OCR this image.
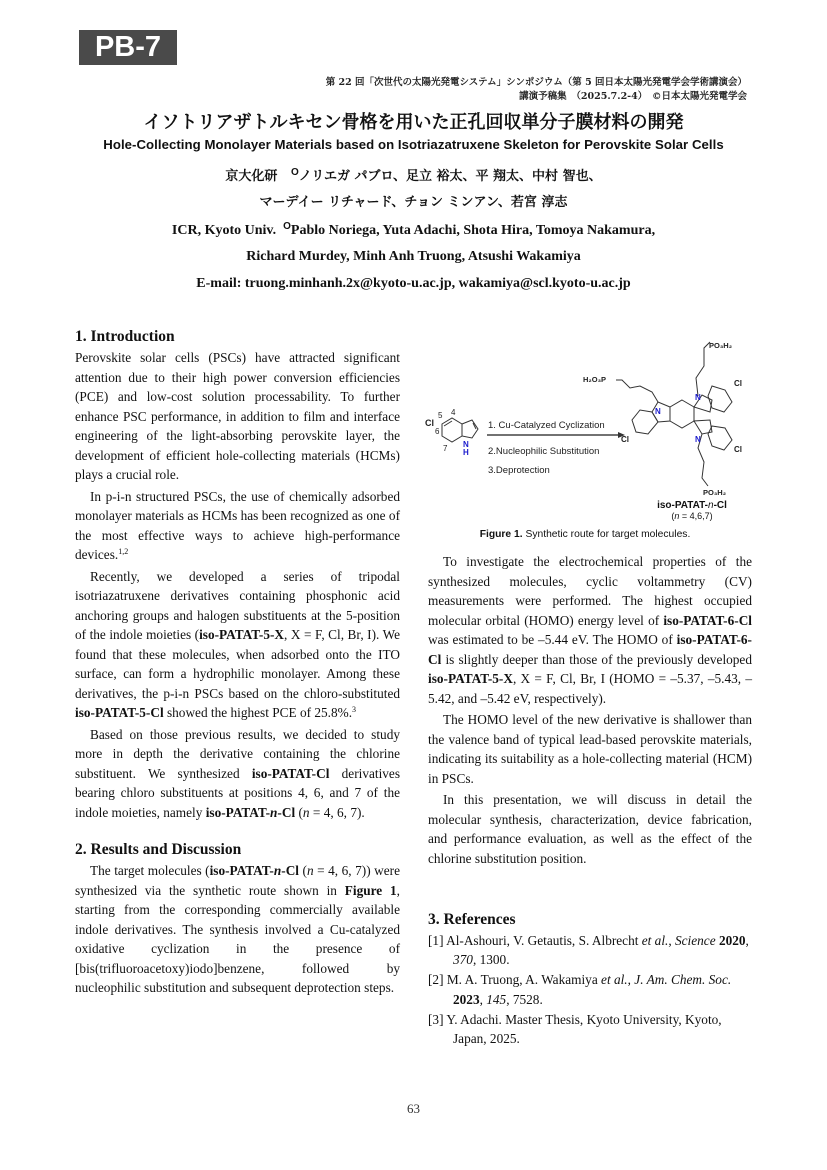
PB-7
第 22 回「次世代の太陽光発電システム」シンポジウム（第 5 回日本太陽光発電学会学術講演会）
講演予稿集　（2025.7.2-4）　©日本太陽光発電学会
イソトリアザトルキセン骨格を用いた正孔回収単分子膜材料の開発
Hole-Collecting Monolayer Materials based on Isotriazatruxene Skeleton for Perovskite Solar Cells
京大化研 $^O$ノリエガ パブロ、足立 裕太、平 翔太、中村 智也、
マーデイー リチャード、チョン ミンアン、若宮 淳志
ICR, Kyoto Univ. $^O$Pablo Noriega, Yuta Adachi, Shota Hira, Tomoya Nakamura,
Richard Murdey, Minh Anh Truong, Atsushi Wakamiya
E-mail: truong.minhanh.2x@kyoto-u.ac.jp, wakamiya@scl.kyoto-u.ac.jp
1. Introduction

Perovskite solar cells (PSCs) have attracted significant attention due to their high power conversion efficiencies (PCE) and low-cost solution processability. To further enhance PSC performance, in addition to film and interface engineering of the light-absorbing perovskite layer, the development of efficient hole-collecting materials (HCMs) plays a crucial role.

In p-i-n structured PSCs, the use of chemically adsorbed monolayer materials as HCMs has been recognized as one of the most effective ways to achieve high-performance devices.$^{1,2}$

Recently, we developed a series of tripodal isotriazatruxene derivatives containing phosphonic acid anchoring groups and halogen substituents at the 5-position of the indole moieties (iso-PATAT-5-X, X = F, Cl, Br, I). We found that these molecules, when adsorbed onto the ITO surface, can form a hydrophilic monolayer. Among these derivatives, the p-i-n PSCs based on the chloro-substituted iso-PATAT-5-Cl showed the highest PCE of 25.8%.$^3$

Based on those previous results, we decided to study more in depth the derivative containing the chlorine substituent. We synthesized iso-PATAT-Cl derivatives bearing chloro substituents at positions 4, 6, and 7 of the indole moieties, namely iso-PATAT-n-Cl (n = 4, 6, 7).

2. Results and Discussion

The target molecules (iso-PATAT-n-Cl (n = 4, 6, 7)) were synthesized via the synthetic route shown in Figure 1, starting from the corresponding commercially available indole derivatives. The synthesis involved a Cu-catalyzed oxidative cyclization in the presence of [bis(trifluoroacetoxy)iodo]benzene, followed by nucleophilic substitution and subsequent deprotection steps.

Cl
5 4
6
7 N
H
1. Cu-Catalyzed Cyclization
2.Nucleophilic Substitution
3.Deprotection
PO₃H₂
H₂O₃P
PO₃H₂
Cl
Cl
Cl
N
N
N
iso-PATAT-n-Cl
(n = 4,6,7)
Figure 1. Synthetic route for target molecules.

To investigate the electrochemical properties of the synthesized molecules, cyclic voltammetry (CV) measurements were performed. The highest occupied molecular orbital (HOMO) energy level of iso-PATAT-6-Cl was estimated to be –5.44 eV. The HOMO of iso-PATAT-6-Cl is slightly deeper than those of the previously developed iso-PATAT-5-X, X = F, Cl, Br, I (HOMO = –5.37, –5.43, –5.42, and –5.42 eV, respectively).

The HOMO level of the new derivative is shallower than the valence band of typical lead-based perovskite materials, indicating its suitability as a hole-collecting material (HCM) in PSCs.

In this presentation, we will discuss in detail the molecular synthesis, characterization, device fabrication, and performance evaluation, as well as the effect of the chlorine substitution position.

3. References
[1] Al-Ashouri, V. Getautis, S. Albrecht et al., Science 2020, 370, 1300.
[2] M. A. Truong, A. Wakamiya et al., J. Am. Chem. Soc. 2023, 145, 7528.
[3] Y. Adachi. Master Thesis, Kyoto University, Kyoto, Japan, 2025.
63
